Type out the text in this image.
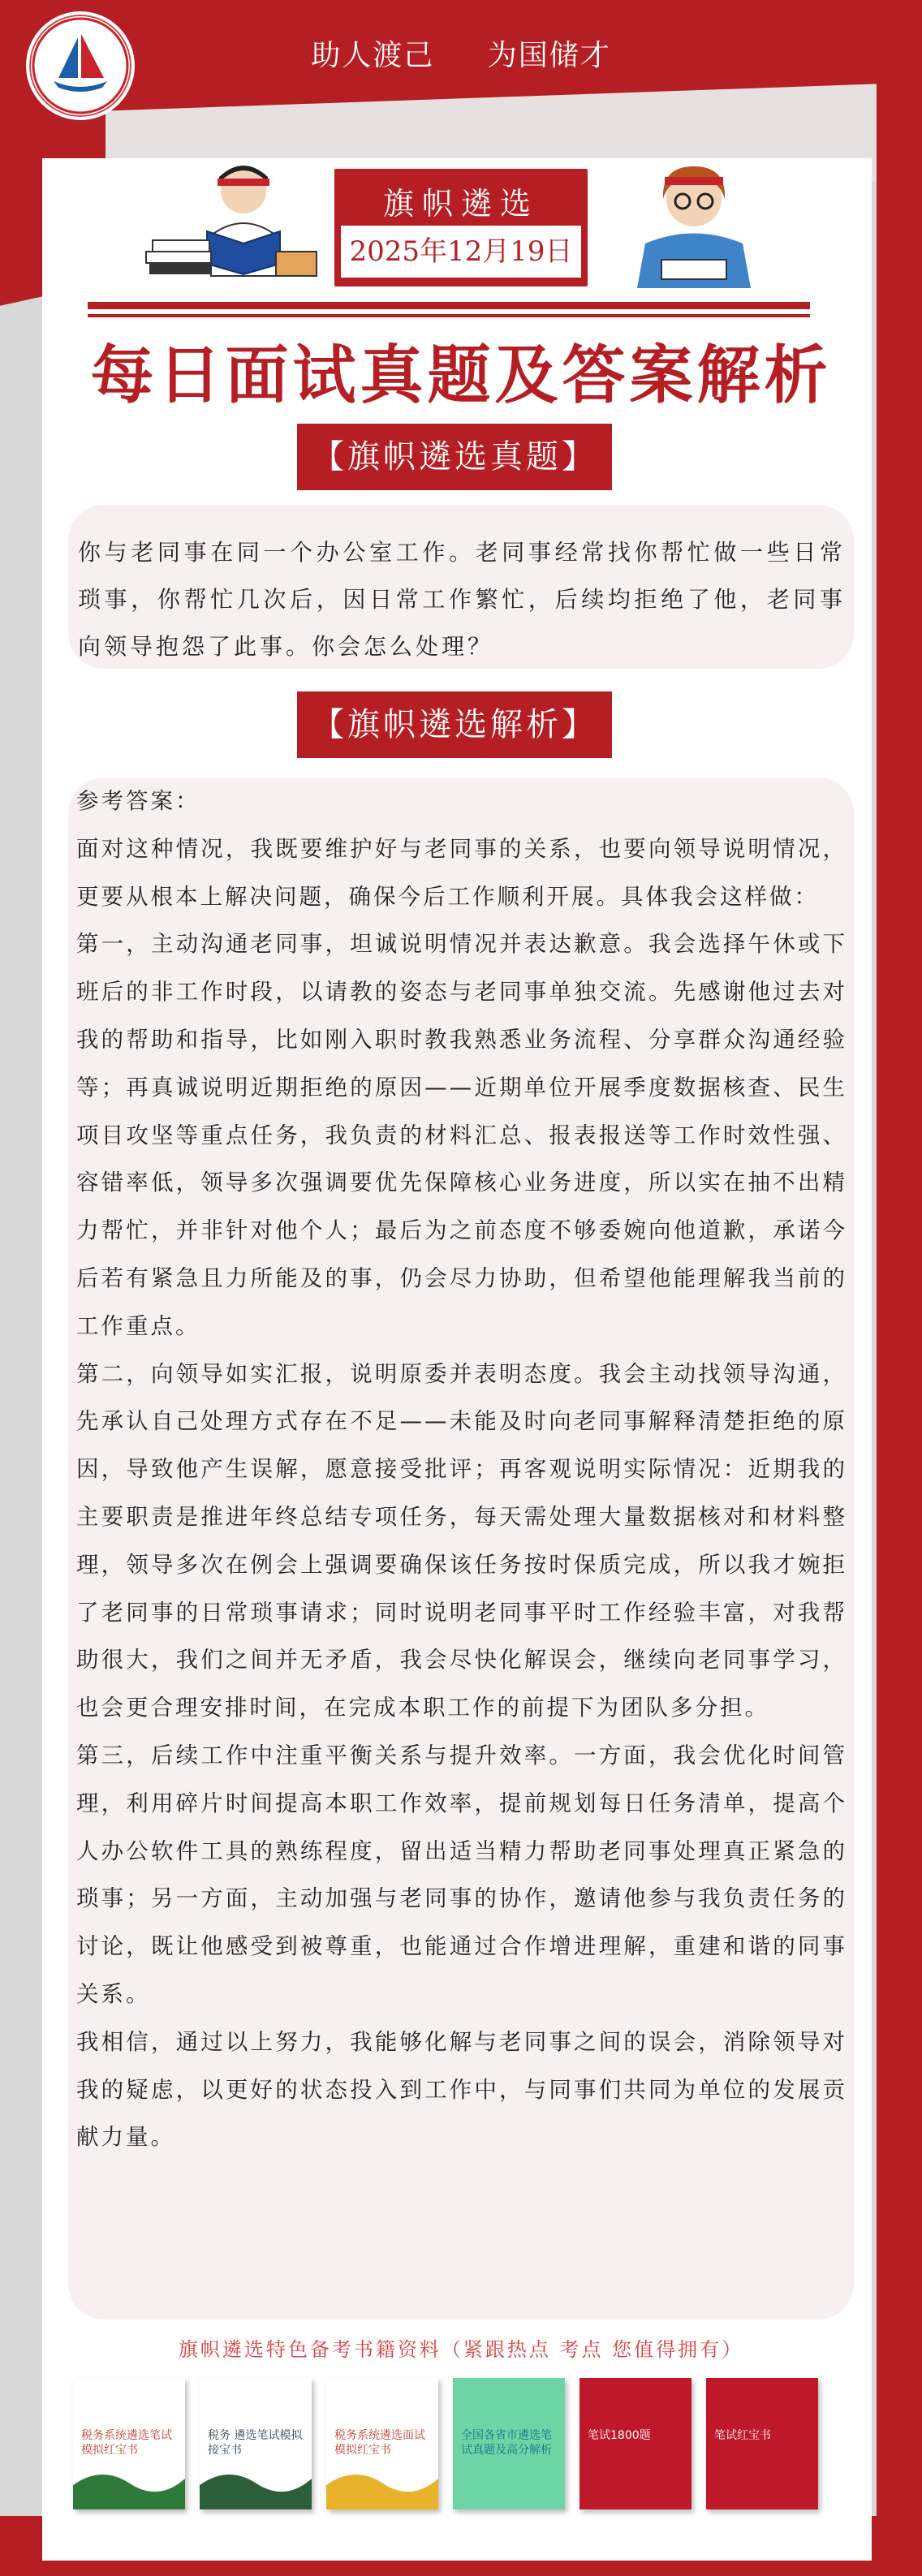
助人渡己 为国储才
旗帜遴选
2025年12月19日
每日面试真题及答案解析
【旗帜遴选真题】
你与老同事在同一个办公室工作。老同事经常找你帮忙做一些日常琐事，你帮忙几次后，因日常工作繁忙，后续均拒绝了他，老同事向领导抱怨了此事。你会怎么处理？
【旗帜遴选解析】

参考答案：

面对这种情况，我既要维护好与老同事的关系，也要向领导说明情况，更要从根本上解决问题，确保今后工作顺利开展。具体我会这样做：

第一，主动沟通老同事，坦诚说明情况并表达歉意。我会选择午休或下班后的非工作时段，以请教的姿态与老同事单独交流。先感谢他过去对我的帮助和指导，比如刚入职时教我熟悉业务流程、分享群众沟通经验等；再真诚说明近期拒绝的原因——近期单位开展季度数据核查、民生项目攻坚等重点任务，我负责的材料汇总、报表报送等工作时效性强、容错率低，领导多次强调要优先保障核心业务进度，所以实在抽不出精力帮忙，并非针对他个人；最后为之前态度不够委婉向他道歉，承诺今后若有紧急且力所能及的事，仍会尽力协助，但希望他能理解我当前的工作重点。

第二，向领导如实汇报，说明原委并表明态度。我会主动找领导沟通，先承认自己处理方式存在不足——未能及时向老同事解释清楚拒绝的原因，导致他产生误解，愿意接受批评；再客观说明实际情况：近期我的主要职责是推进年终总结专项任务，每天需处理大量数据核对和材料整理，领导多次在例会上强调要确保该任务按时保质完成，所以我才婉拒了老同事的日常琐事请求；同时说明老同事平时工作经验丰富，对我帮助很大，我们之间并无矛盾，我会尽快化解误会，继续向老同事学习，也会更合理安排时间，在完成本职工作的前提下为团队多分担。

第三，后续工作中注重平衡关系与提升效率。一方面，我会优化时间管理，利用碎片时间提高本职工作效率，提前规划每日任务清单，提高个人办公软件工具的熟练程度，留出适当精力帮助老同事处理真正紧急的琐事；另一方面，主动加强与老同事的协作，邀请他参与我负责任务的讨论，既让他感受到被尊重，也能通过合作增进理解，重建和谐的同事关系。

我相信，通过以上努力，我能够化解与老同事之间的误会，消除领导对我的疑虑，以更好的状态投入到工作中，与同事们共同为单位的发展贡献力量。

旗帜遴选特色备考书籍资料（紧跟热点 考点 您值得拥有）
税务系统遴选笔试模拟红宝书
税务 遴选笔试模拟接宝书
税务系统遴选面试模拟红宝书
全国各省市遴选笔试真题及高分解析
笔试1800题	笔试红宝书
